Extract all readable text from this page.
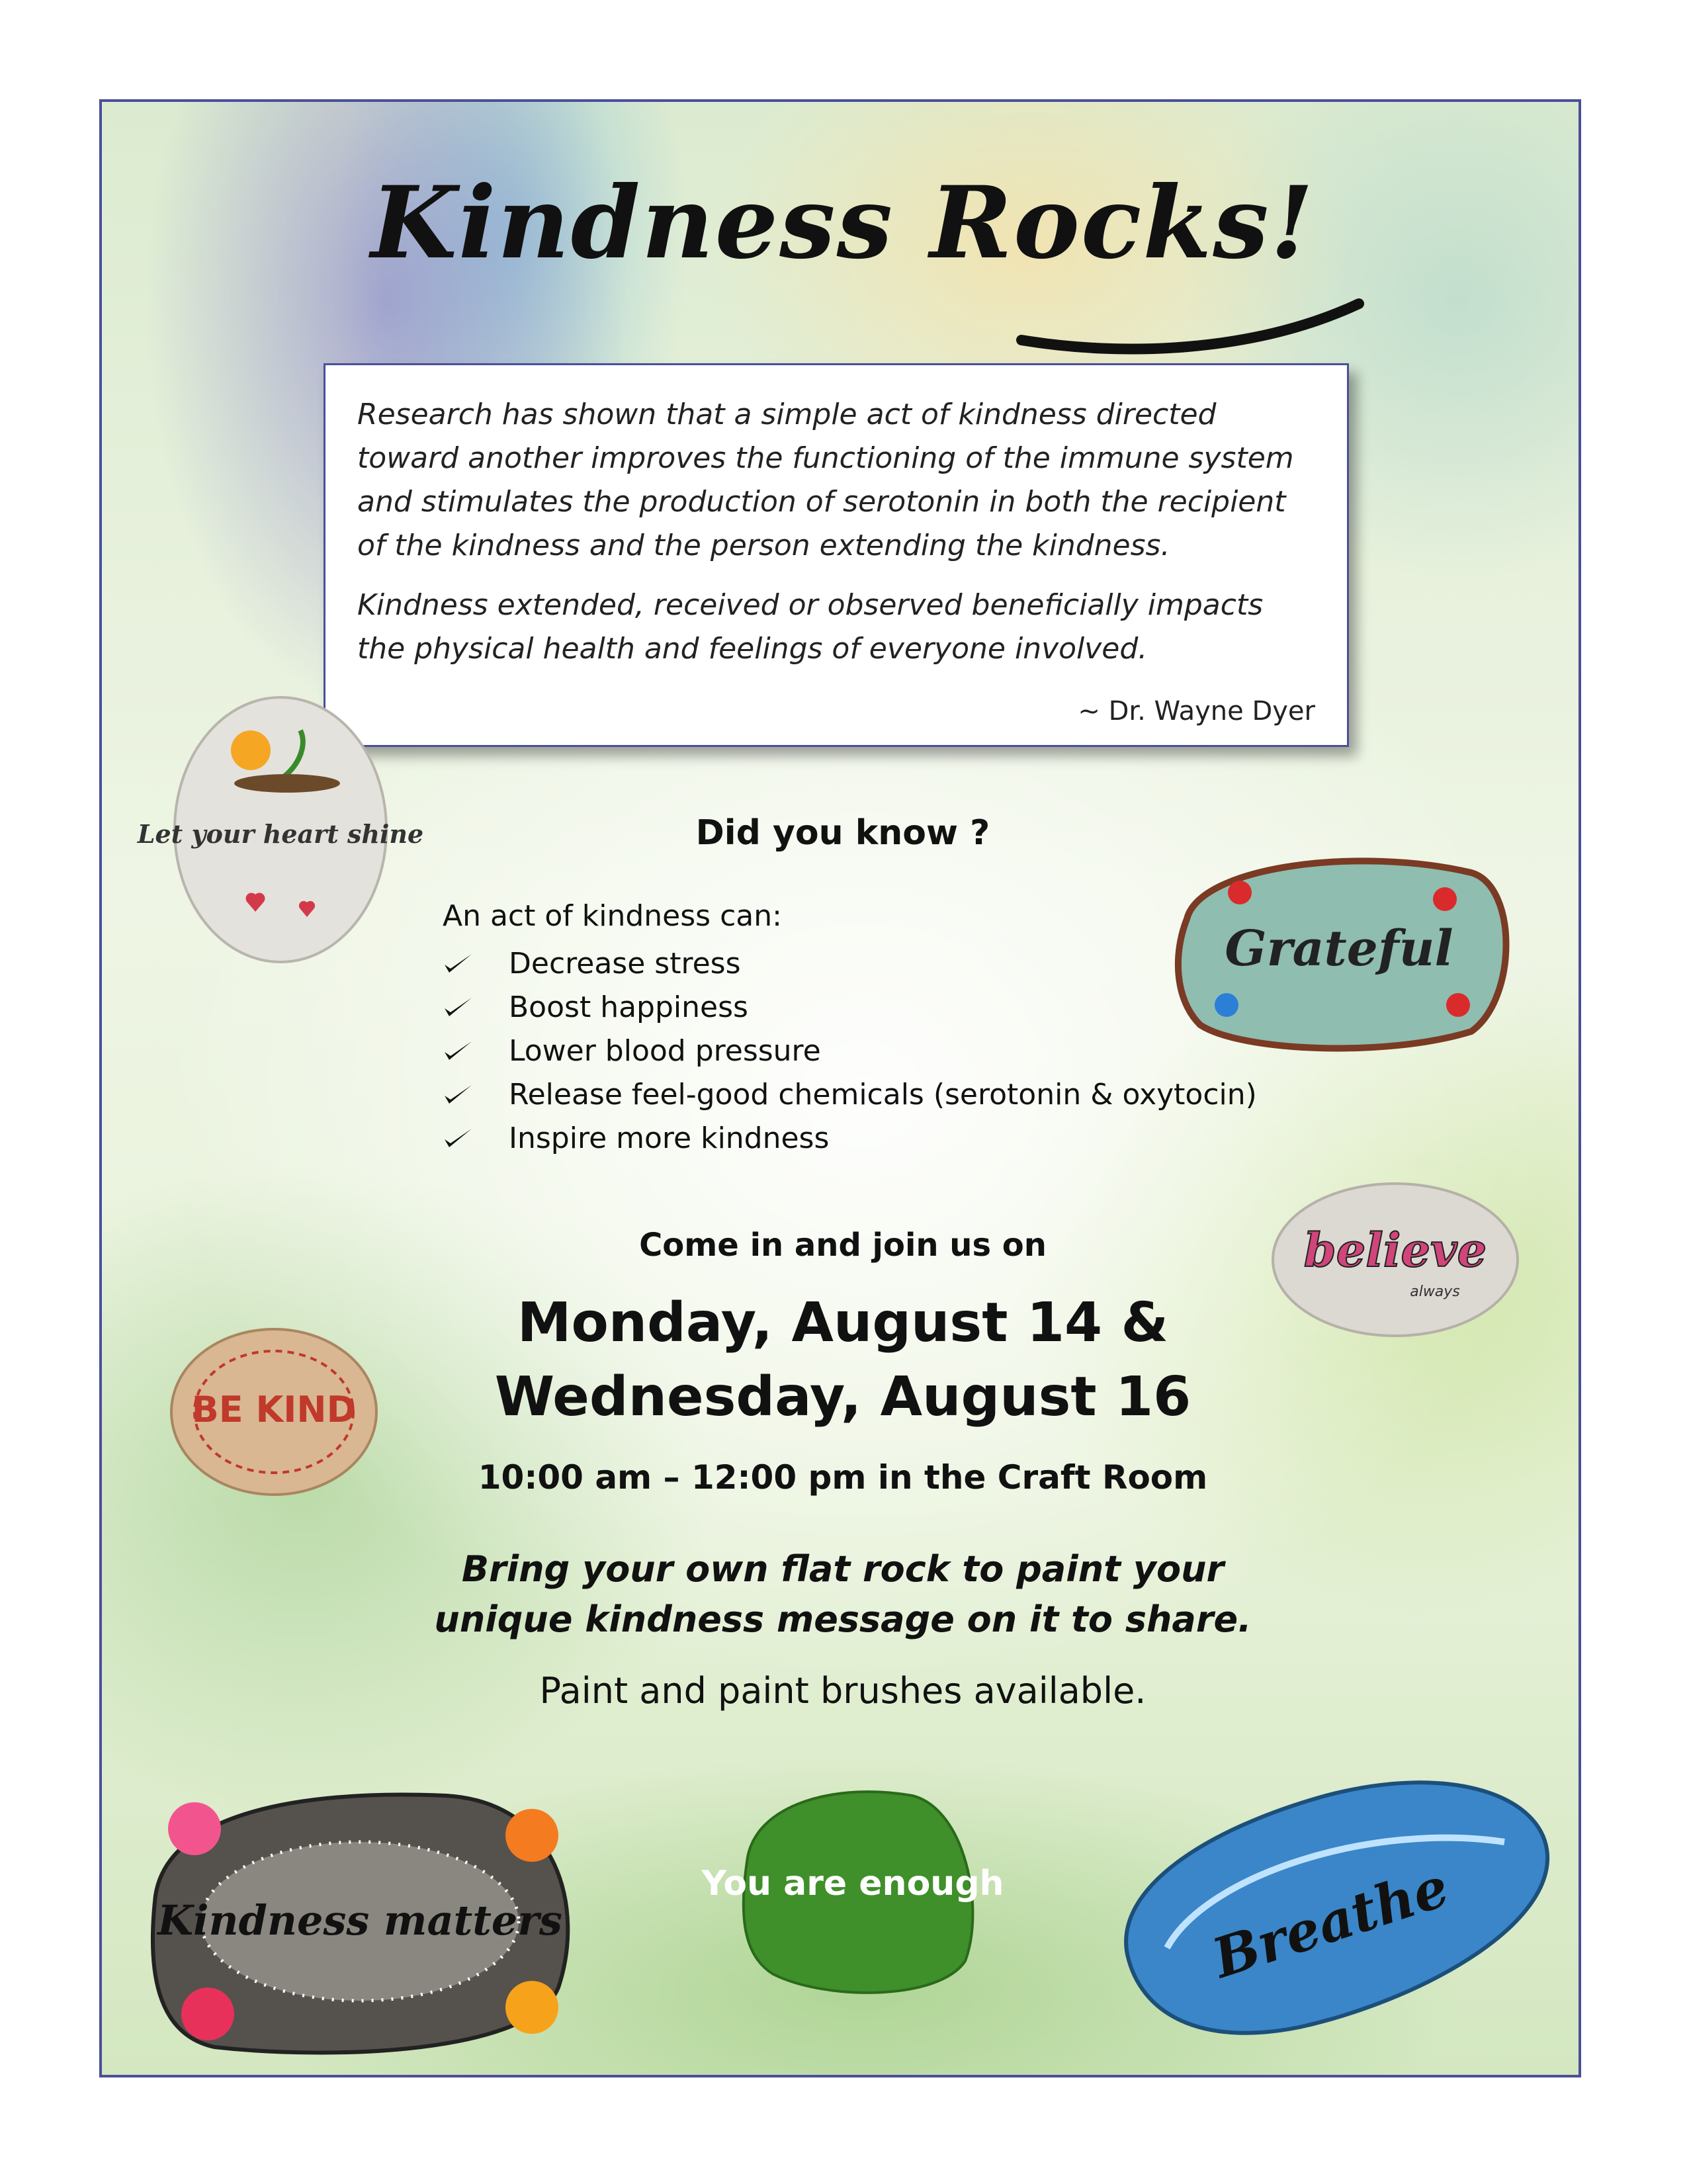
Kindness Rocks!

Research has shown that a simple act of kindness directed toward another improves the functioning of the immune system and stimulates the production of serotonin in both the recipient of the kindness and the person extending the kindness.

Kindness extended, received or observed beneficially impacts the physical health and feelings of everyone involved.

~ Dr. Wayne Dyer
Did you know ?
An act of kindness can:
Decrease stress
Boost happiness
Lower blood pressure
Release feel-good chemicals (serotonin & oxytocin)
Inspire more kindness
Come in and join us on
Monday, August 14 &
Wednesday, August 16
10:00 am – 12:00 pm in the Craft Room
Bring your own flat rock to paint your
unique kindness message on it to share.
Paint and paint brushes available.
Let your heart shine
Grateful
believe
always
BE KIND
Kindness matters
You are enough	Breathe
